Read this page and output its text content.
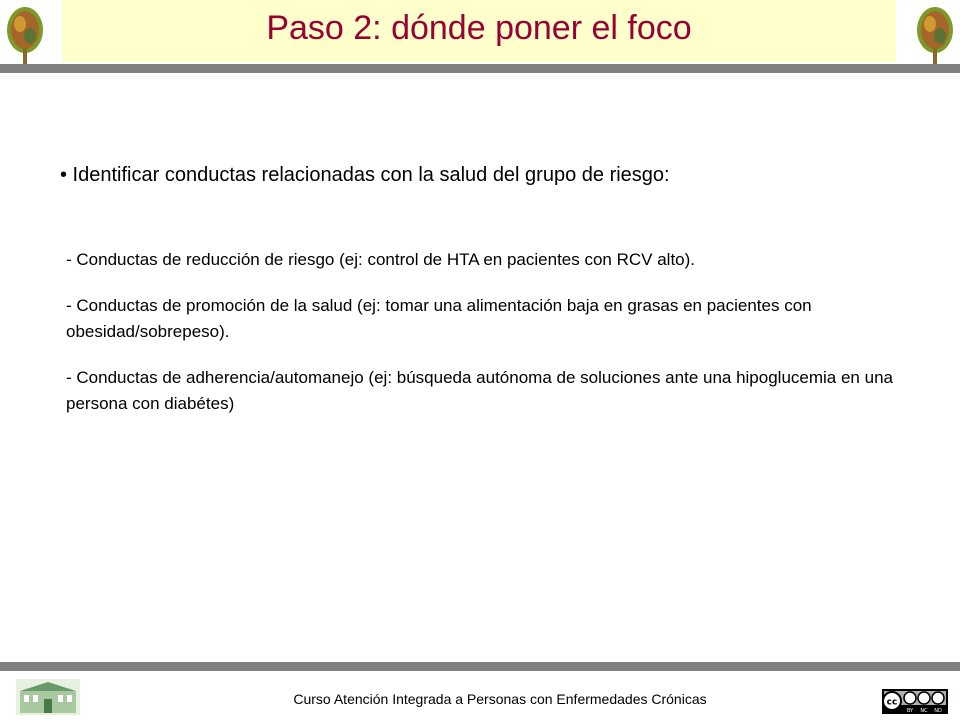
Paso 2: dónde poner el foco
• Identificar conductas relacionadas con la salud del grupo de riesgo:

- Conductas de reducción de riesgo (ej: control de HTA en pacientes con RCV alto).

- Conductas de promoción de la salud (ej: tomar una alimentación baja en grasas en pacientes con obesidad/sobrepeso).

- Conductas de adherencia/automanejo (ej: búsqueda autónoma de soluciones ante una hipoglucemia en una persona con diabétes)

Curso Atención Integrada a Personas con Enfermedades Crónicas	cc
BY NC ND
